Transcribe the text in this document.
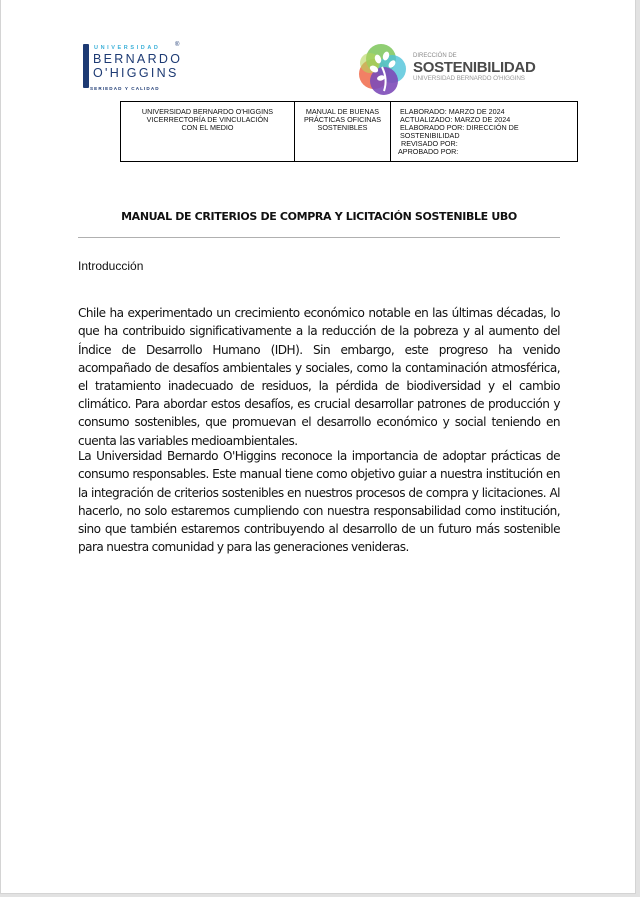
UNIVERSIDAD ®
BERNARDO
O'HIGGINS
SERIEDAD Y CALIDAD
DIRECCIÓN DE
SOSTENIBILIDAD
UNIVERSIDAD BERNARDO O'HIGGINS
UNIVERSIDAD BERNARDO O'HIGGINS
VICERRECTORÍA DE VINCULACIÓN
CON EL MEDIO
MANUAL DE BUENAS
PRÁCTICAS OFICINAS
SOSTENIBLES
ELABORADO: MARZO DE 2024
ACTUALIZADO: MARZO DE 2024
ELABORADO POR: DIRECCIÓN DE
SOSTENIBILIDAD
REVISADO POR:
APROBADO POR:
MANUAL DE CRITERIOS DE COMPRA Y LICITACIÓN SOSTENIBLE UBO
Introducción

Chile ha experimentado un crecimiento económico notable en las últimas décadas, lo que ha contribuido significativamente a la reducción de la pobreza y al aumento del Índice de Desarrollo Humano (IDH). Sin embargo, este progreso ha venido acompañado de desafíos ambientales y sociales, como la contaminación atmosférica, el tratamiento inadecuado de residuos, la pérdida de biodiversidad y el cambio climático. Para abordar estos desafíos, es crucial desarrollar patrones de producción y consumo sostenibles, que promuevan el desarrollo económico y social teniendo en cuenta las variables medioambientales.

La Universidad Bernardo O'Higgins reconoce la importancia de adoptar prácticas de consumo responsables. Este manual tiene como objetivo guiar a nuestra institución en la integración de criterios sostenibles en nuestros procesos de compra y licitaciones. Al hacerlo, no solo estaremos cumpliendo con nuestra responsabilidad como institución, sino que también estaremos contribuyendo al desarrollo de un futuro más sostenible para nuestra comunidad y para las generaciones venideras.
